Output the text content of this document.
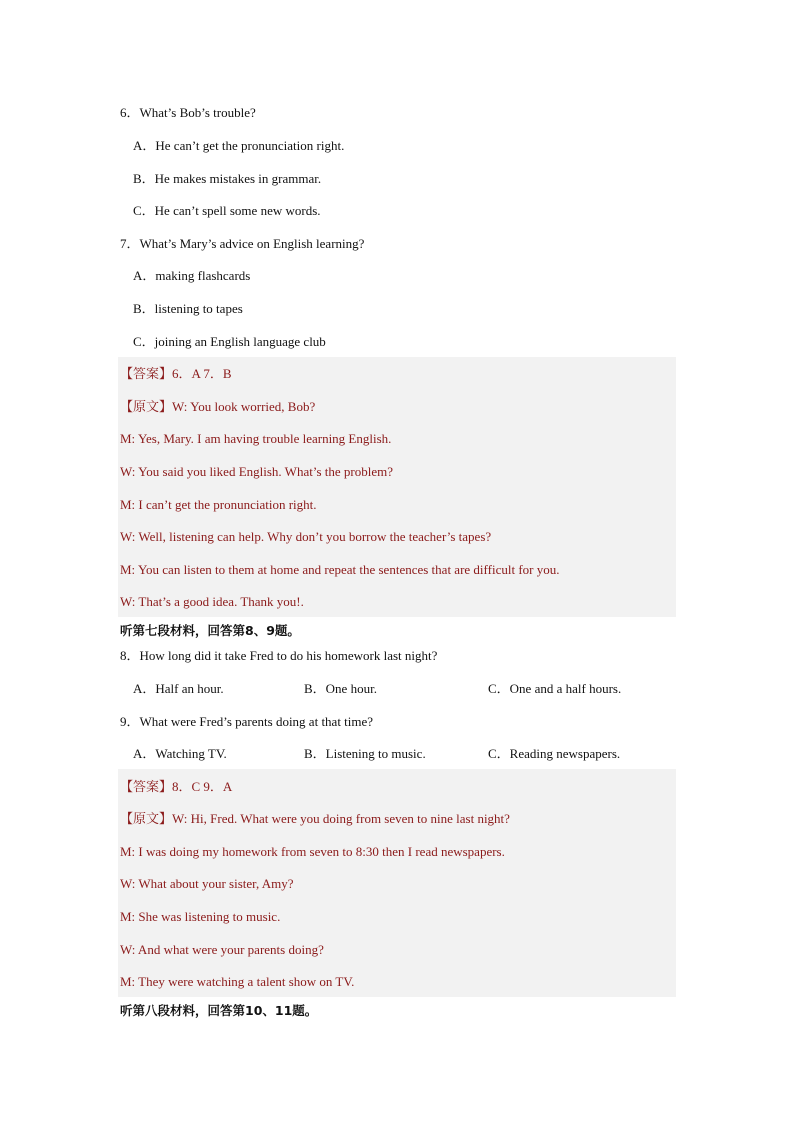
6．What’s Bob’s trouble?
A．He can’t get the pronunciation right.
B．He makes mistakes in grammar.
C．He can’t spell some new words.
7．What’s Mary’s advice on English learning?
A．making flashcards
B．listening to tapes
C．joining an English language club
【答案】6．A 7．B
【原文】W: You look worried, Bob?
M: Yes, Mary. I am having trouble learning English.
W: You said you liked English. What’s the problem?
M: I can’t get the pronunciation right.
W: Well, listening can help. Why don’t you borrow the teacher’s tapes?
M: You can listen to them at home and repeat the sentences that are difficult for you.
W: That’s a good idea. Thank you!.
听第七段材料，回答第8、9题。
8．How long did it take Fred to do his homework last night?
A．Half an hour.	B．One hour.	C．One and a half hours.
9．What were Fred’s parents doing at that time?
A．Watching TV.	B．Listening to music.	C．Reading newspapers.
【答案】8．C 9．A
【原文】W: Hi, Fred. What were you doing from seven to nine last night?
M: I was doing my homework from seven to 8:30 then I read newspapers.
W: What about your sister, Amy?
M: She was listening to music.
W: And what were your parents doing?
M: They were watching a talent show on TV.
听第八段材料，回答第10、11题。
